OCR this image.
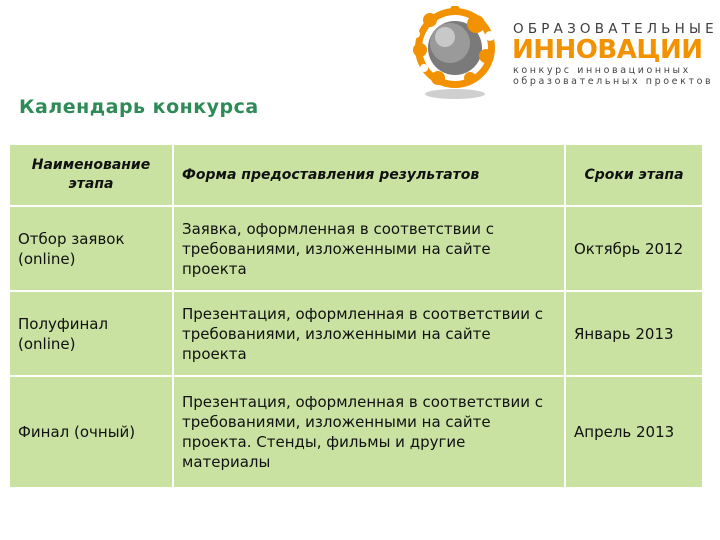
ОБРАЗОВАТЕЛЬНЫЕ
ИННОВАЦИИ
конкурс инновационных
образовательных проектов
Календарь конкурса
Наименование этапа	Форма предоставления результатов	Сроки этапа
Отбор заявок (online)	Заявка, оформленная в соответствии с требованиями, изложенными на сайте проекта	Октябрь 2012
Полуфинал (online)	Презентация, оформленная в соответствии с требованиями, изложенными на сайте проекта	Январь 2013
Финал (очный)	Презентация, оформленная в соответствии с требованиями, изложенными на сайте проекта. Стенды, фильмы и другие материалы	Апрель 2013
